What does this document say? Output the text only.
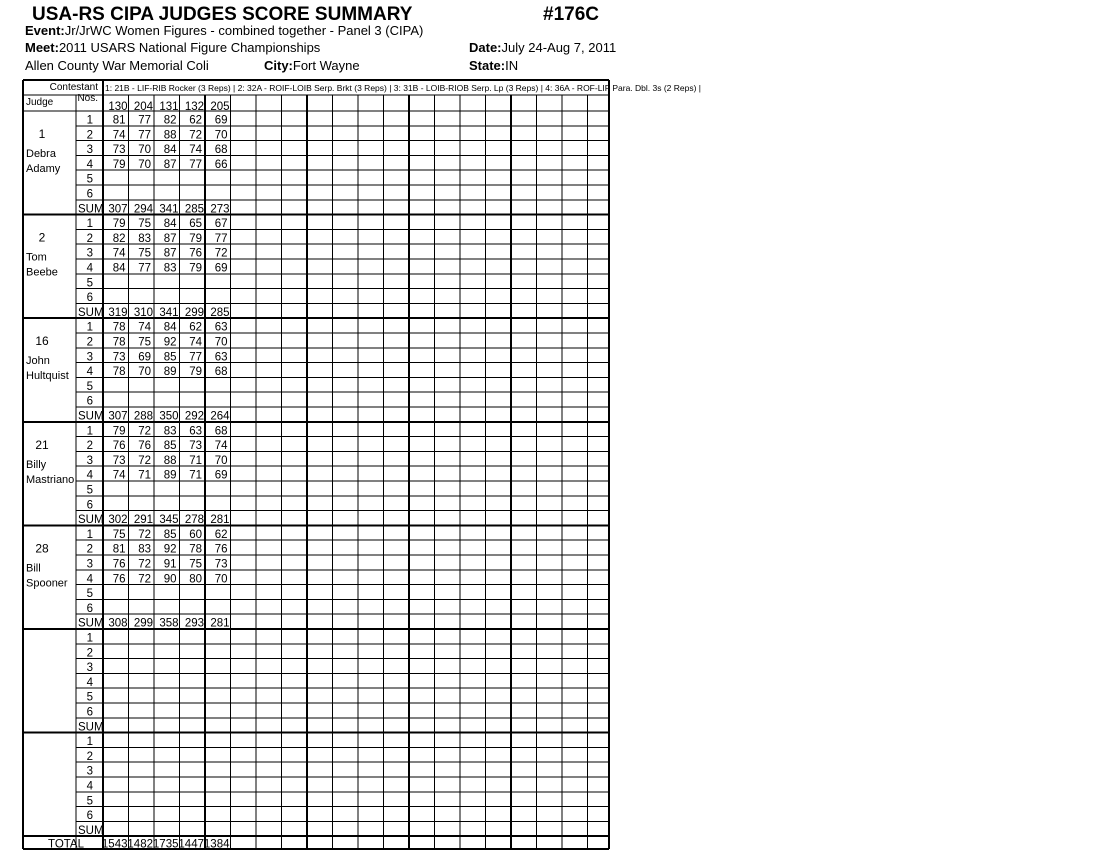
USA-RS CIPA JUDGES SCORE SUMMARY	#176C
Event:Jr/JrWC Women Figures - combined together - Panel 3 (CIPA)
Meet:2011 USARS National Figure Championships
Allen County War Memorial Coli
Date:July 24-Aug 7, 2011
City:Fort Wayne	State:IN
Contestant
Nos.
Judge
1: 21B - LIF-RIB Rocker (3 Reps) | 2: 32A - ROIF-LOIB Serp. Brkt (3 Reps) | 3: 31B - LOIB-RIOB Serp. Lp (3 Reps) | 4: 36A - ROF-LIF Para. Dbl. 3s (2 Reps) |
130 204 131 132 205
1
Debra
Adamy
1 81 77 82 62 69
2 74 77 88 72 70
3 73 70 84 74 68
4 79 70 87 77 66
5
6
SUM 307 294 341 285 273
2
Tom
Beebe
1 79 75 84 65 67
2 82 83 87 79 77
3 74 75 87 76 72
4 84 77 83 79 69
5
6
SUM 319 310 341 299 285
16
John
Hultquist
1 78 74 84 62 63
2 78 75 92 74 70
3 73 69 85 77 63
4 78 70 89 79 68
5
6
SUM 307 288 350 292 264
21
Billy
Mastriano
1 79 72 83 63 68
2 76 76 85 73 74
3 73 72 88 71 70
4 74 71 89 71 69
5
6
SUM 302 291 345 278 281
28
Bill
Spooner
1 75 72 85 60 62
2 81 83 92 78 76
3 76 72 91 75 73
4 76 72 90 80 70
5
6
SUM 308 299 358 293 281
1
2
3
4
5
6
SUM
1
2
3
4
5
6
SUM
TOTAL 1543 1482 1735 1447 1384
